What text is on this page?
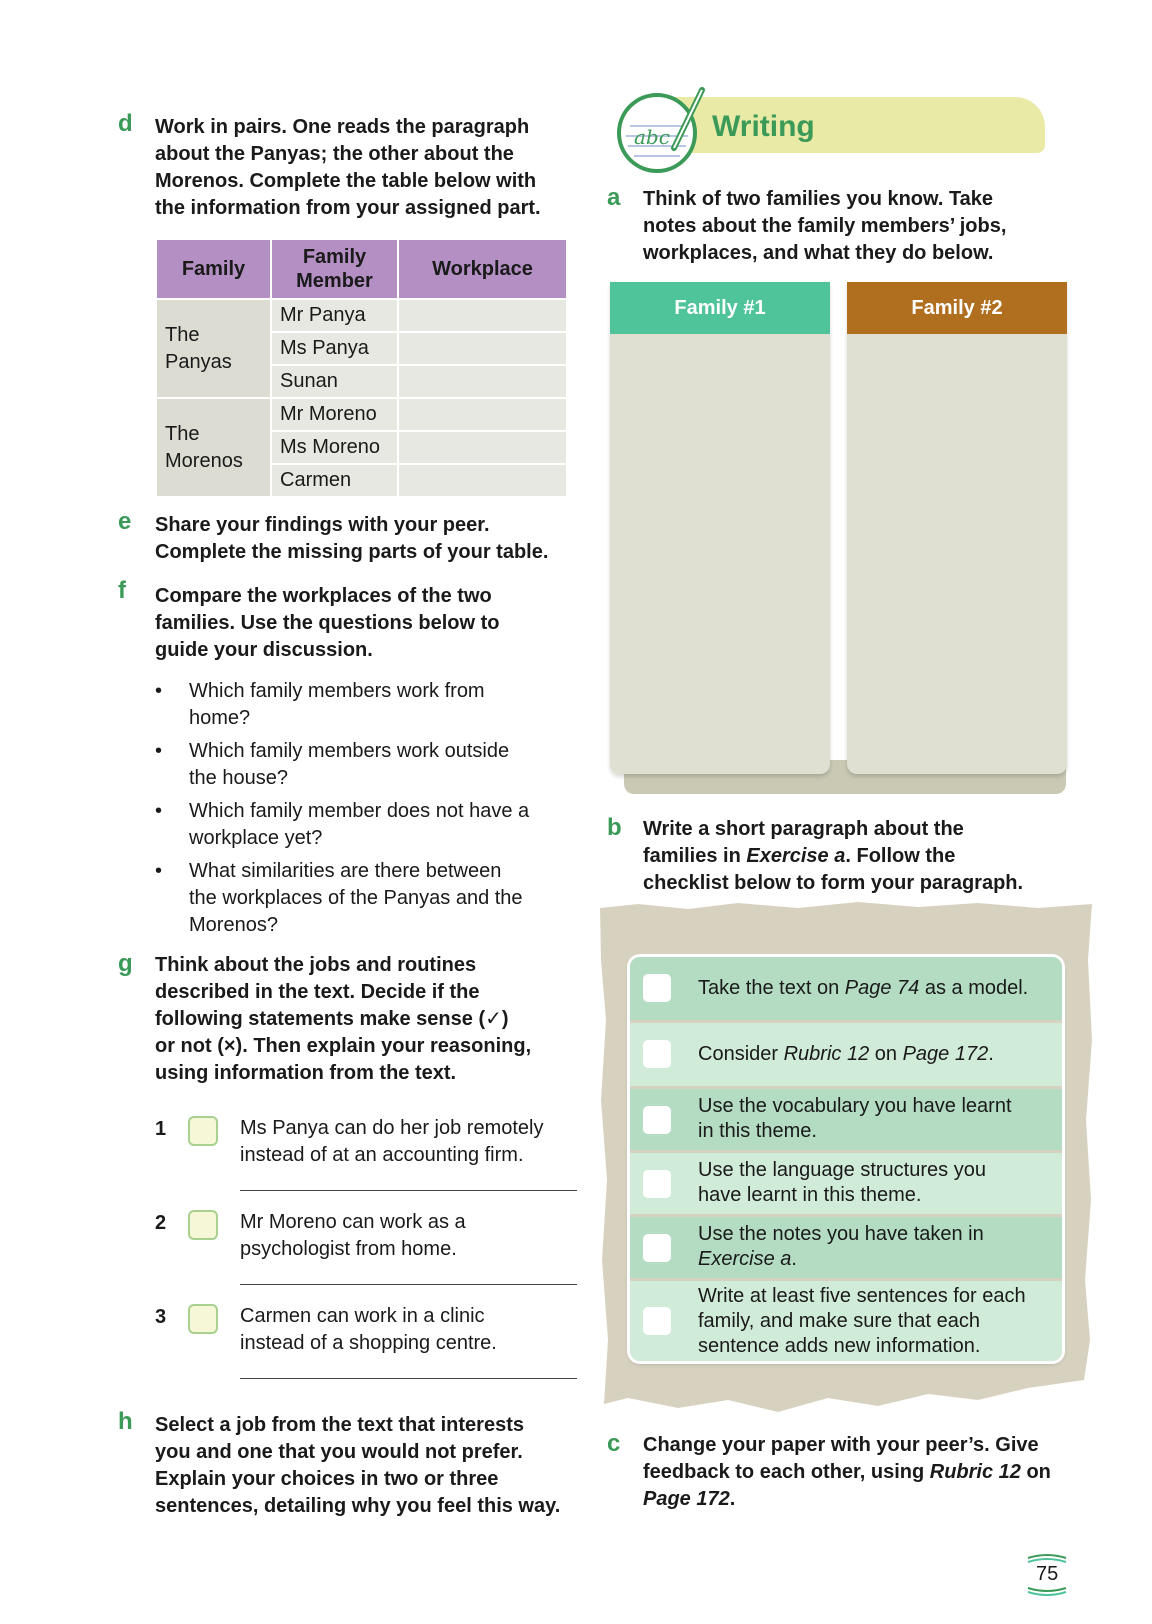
d Work in pairs. One reads the paragraph
about the Panyas; the other about the
Morenos. Complete the table below with
the information from your assigned part.
Family	Family Member	Workplace

The
Panyas	Mr Panya	
	Ms Panya	
	Sunan	

The
Morenos	Mr Moreno	
	Ms Moreno	
	Carmen	
e Share your findings with your peer.
Complete the missing parts of your table.
f Compare the workplaces of the two
families. Use the questions below to
guide your discussion.
• Which family members work from
home?
• Which family members work outside
the house?
• Which family member does not have a
workplace yet?
• What similarities are there between
the workplaces of the Panyas and the
Morenos?
g Think about the jobs and routines
described in the text. Decide if the
following statements make sense (✓)
or not (×). Then explain your reasoning,
using information from the text.
1	Ms Panya can do her job remotely
instead of at an accounting firm.
2	Mr Moreno can work as a
psychologist from home.
3	Carmen can work in a clinic
instead of a shopping centre.
h Select a job from the text that interests
you and one that you would not prefer.
Explain your choices in two or three
sentences, detailing why you feel this way.
abc Writing
a Think of two families you know. Take
notes about the family members’ jobs,
workplaces, and what they do below.
Family #1	Family #2
b Write a short paragraph about the
families in Exercise a. Follow the
checklist below to form your paragraph.
Take the text on Page 74 as a model.
Consider Rubric 12 on Page 172.
Use the vocabulary you have learnt
in this theme.
Use the language structures you
have learnt in this theme.
Use the notes you have taken in
Exercise a.
Write at least five sentences for each
family, and make sure that each
sentence adds new information.
c Change your paper with your peer’s. Give
feedback to each other, using Rubric 12 on
Page 172.
75
